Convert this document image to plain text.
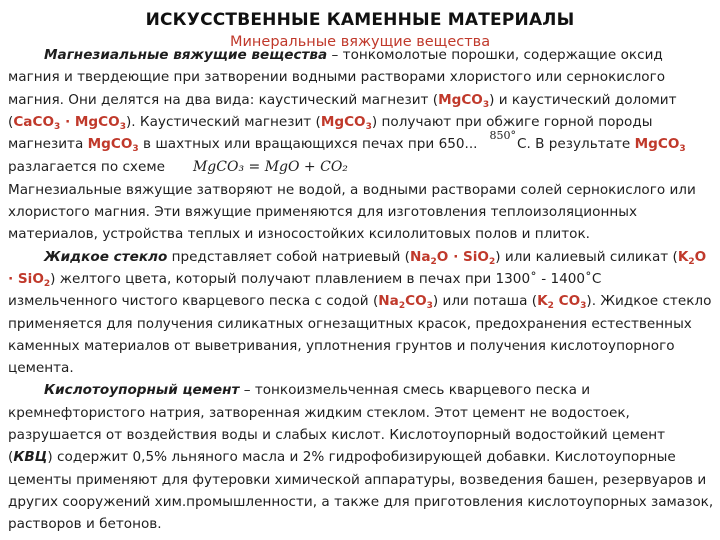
ИСКУССТВЕННЫЕ КАМЕННЫЕ МАТЕРИАЛЫ
Минеральные вяжущие вещества

Магнезиальные вяжущие вещества – тонкомолотые порошки, содержащие оксид магния и твердеющие при затворении водными растворами хлористого или сернокислого магния. Они делятся на два вида: каустический магнезит (MgCO$_3$) и каустический доломит (CaCO$_3$ ∙ MgCO$_3$). Каустический магнезит (MgCO$_3$) получают при обжиге горной породы магнезита MgCO$_3$ в шахтных или вращающихся печах при 650...$^{850^\circ}$C. В результате MgCO$_3$
разлагается по схеме MgCO₃ = MgO + CO₂
Магнезиальные вяжущие затворяют не водой, а водными растворами солей сернокислого или хлористого магния. Эти вяжущие применяются для изготовления теплоизоляционных материалов, устройства теплых и износостойких ксилолитовых полов и плиток.

Жидкое стекло представляет собой натриевый $(Na_2O \cdot SiO_2)$ или калиевый силикат $(K_2O \cdot SiO_2)$ желтого цвета, который получают плавлением в печах при 1300˚ - 1400˚C измельченного чистого кварцевого песка с содой $(Na_2CO_3)$ или поташа ($K_2$ $CO_3$). Жидкое стекло применяется для получения силикатных огнезащитных красок, предохранения естественных каменных материалов от выветривания, уплотнения грунтов и получения кислотоупорного цемента.

Кислотоупорный цемент – тонкоизмельченная смесь кварцевого песка и кремнефтористого натрия, затворенная жидким стеклом. Этот цемент не водостоек, разрушается от воздействия воды и слабых кислот. Кислотоупорный водостойкий цемент (КВЦ) содержит 0,5% льняного масла и 2% гидрофобизирующей добавки. Кислотоупорные цементы применяют для футеровки химической аппаратуры, возведения башен, резервуаров и других сооружений хим.промышленности, а также для приготовления кислотоупорных замазок, растворов и бетонов.
